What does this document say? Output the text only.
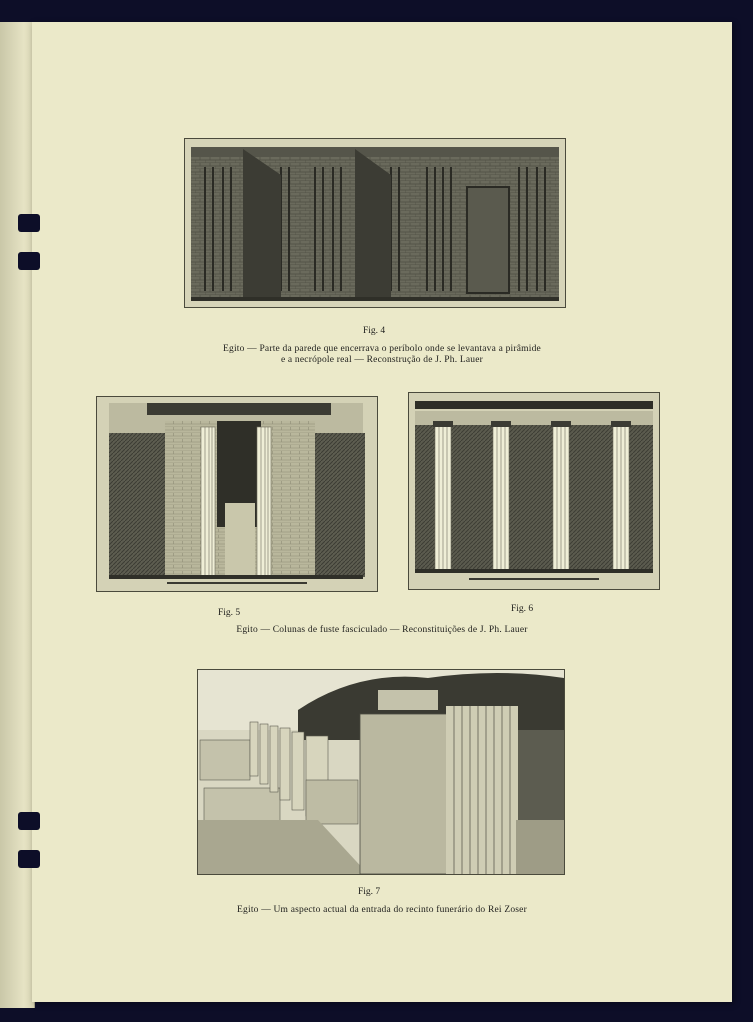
Fig. 4
Egito — Parte da parede que encerrava o períbolo onde se levantava a pirâmide
e a necrópole real — Reconstrução de J. Ph. Lauer
Fig. 5	Fig. 6
Egito — Colunas de fuste fasciculado — Reconstituições de J. Ph. Lauer
Fig. 7
Egito — Um aspecto actual da entrada do recinto funerário do Rei Zoser
